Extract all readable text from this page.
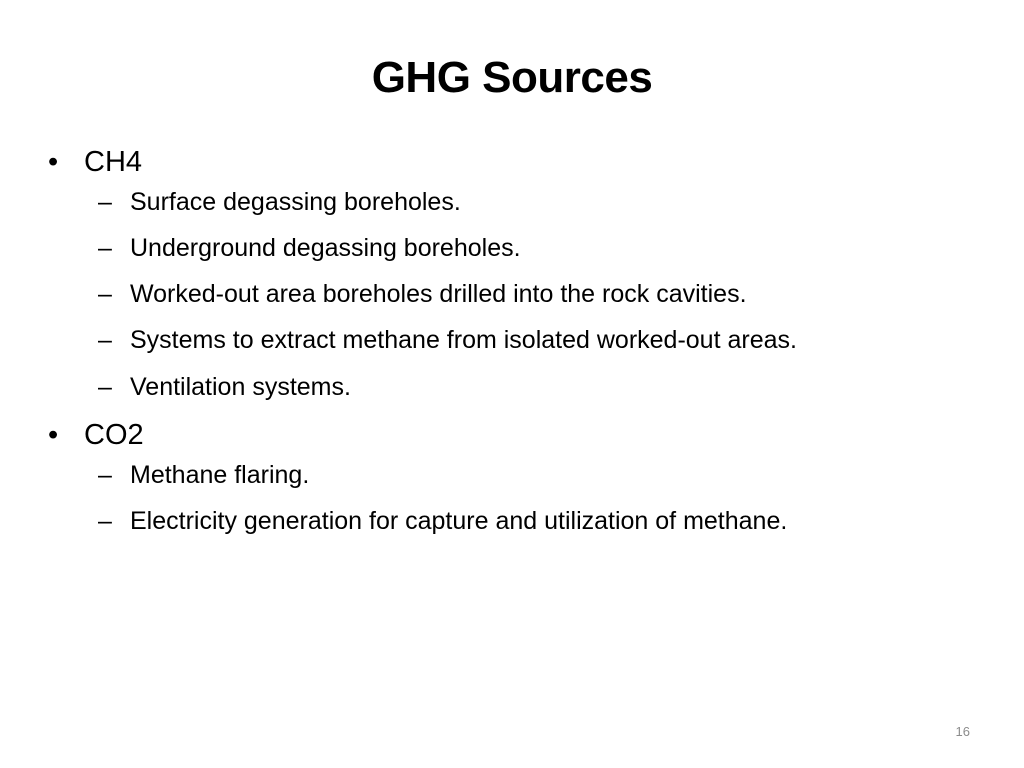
GHG Sources
• CH4
– Surface degassing boreholes.
– Underground degassing boreholes.
– Worked-out area boreholes drilled into the rock cavities.
– Systems to extract methane from isolated worked-out areas.
– Ventilation systems.
• CO2
– Methane flaring.
– Electricity generation for capture and utilization of methane.
16
